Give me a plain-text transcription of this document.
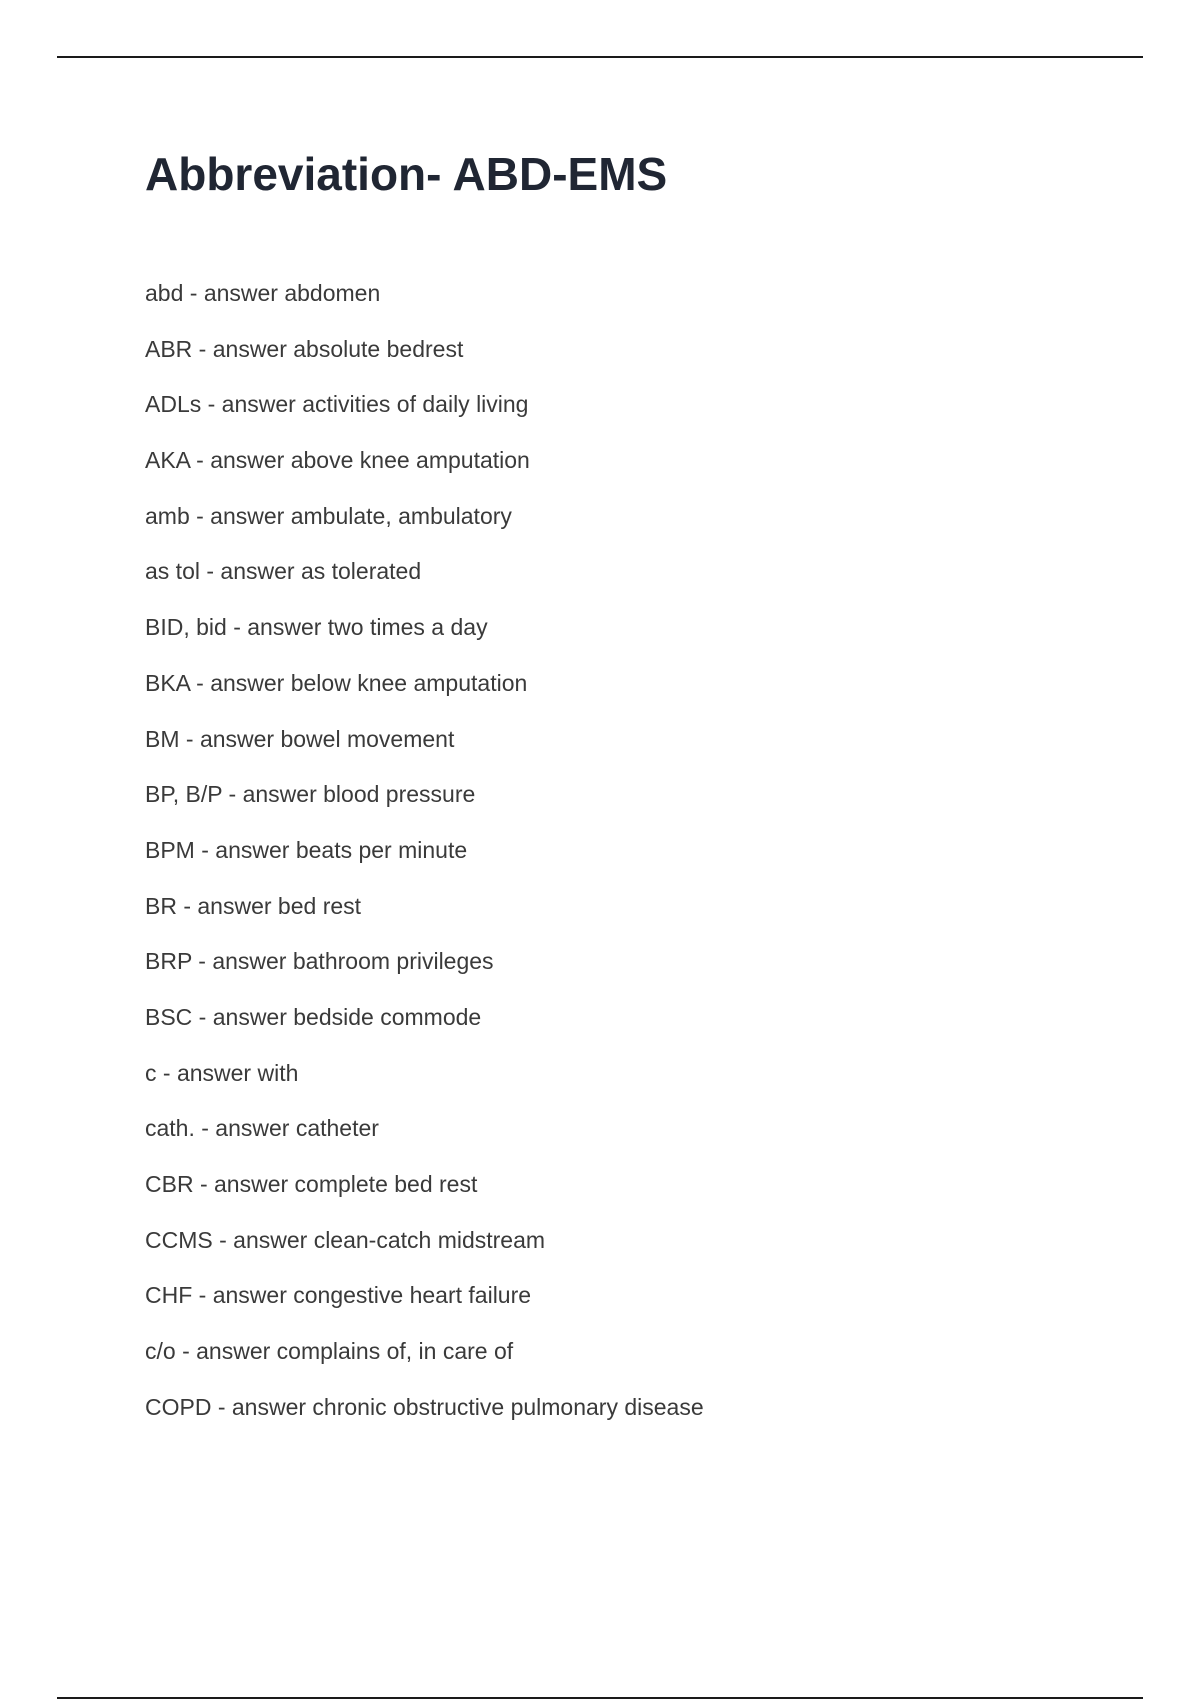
Abbreviation- ABD-EMS
abd - answer abdomen
ABR - answer absolute bedrest
ADLs - answer activities of daily living
AKA - answer above knee amputation
amb - answer ambulate, ambulatory
as tol - answer as tolerated
BID, bid - answer two times a day
BKA - answer below knee amputation
BM - answer bowel movement
BP, B/P - answer blood pressure
BPM - answer beats per minute
BR - answer bed rest
BRP - answer bathroom privileges
BSC - answer bedside commode
c - answer with
cath. - answer catheter
CBR - answer complete bed rest
CCMS - answer clean-catch midstream
CHF - answer congestive heart failure
c/o - answer complains of, in care of
COPD - answer chronic obstructive pulmonary disease
